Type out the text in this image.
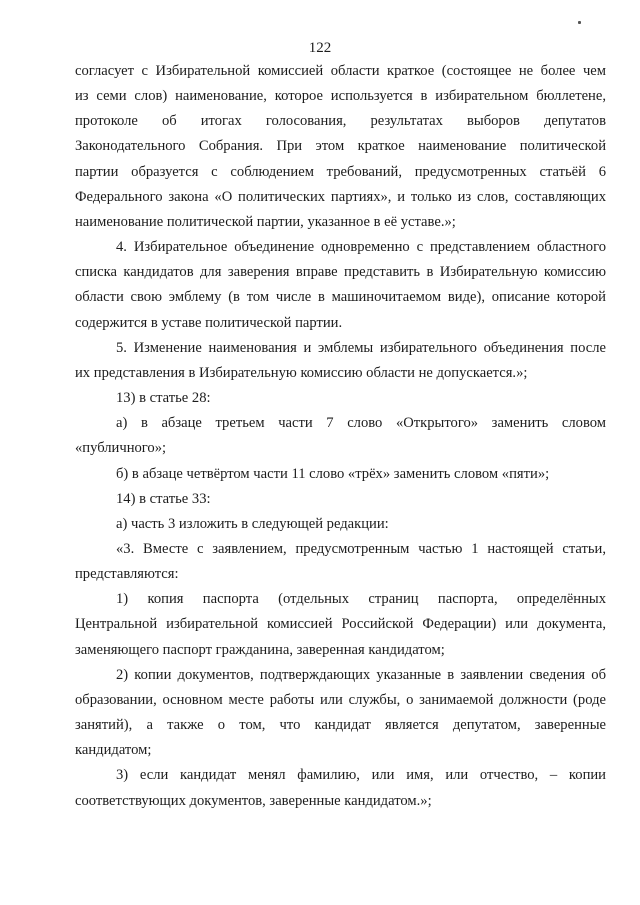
122
согласует с Избирательной комиссией области краткое (состоящее не более чем
из семи слов) наименование, которое используется в избирательном бюллетене,
протоколе об итогах голосования, результатах выборов депутатов
Законодательного Собрания. При этом краткое наименование политической
партии образуется с соблюдением требований, предусмотренных статьёй 6
Федерального закона «О политических партиях», и только из слов, составляющих
наименование политической партии, указанное в её уставе.»;
4. Избирательное объединение одновременно с представлением областного
списка кандидатов для заверения вправе представить в Избирательную комиссию
области свою эмблему (в том числе в машиночитаемом виде), описание которой
содержится в уставе политической партии.
5. Изменение наименования и эмблемы избирательного объединения после
их представления в Избирательную комиссию области не допускается.»;
13) в статье 28:
а) в абзаце третьем части 7 слово «Открытого» заменить словом
«публичного»;
б) в абзаце четвёртом части 11 слово «трёх» заменить словом «пяти»;
14) в статье 33:
а) часть 3 изложить в следующей редакции:
«3. Вместе с заявлением, предусмотренным частью 1 настоящей статьи,
представляются:
1) копия паспорта (отдельных страниц паспорта, определённых
Центральной избирательной комиссией Российской Федерации) или документа,
заменяющего паспорт гражданина, заверенная кандидатом;
2) копии документов, подтверждающих указанные в заявлении сведения об
образовании, основном месте работы или службы, о занимаемой должности (роде
занятий), а также о том, что кандидат является депутатом, заверенные
кандидатом;
3) если кандидат менял фамилию, или имя, или отчество, – копии
соответствующих документов, заверенные кандидатом.»;
